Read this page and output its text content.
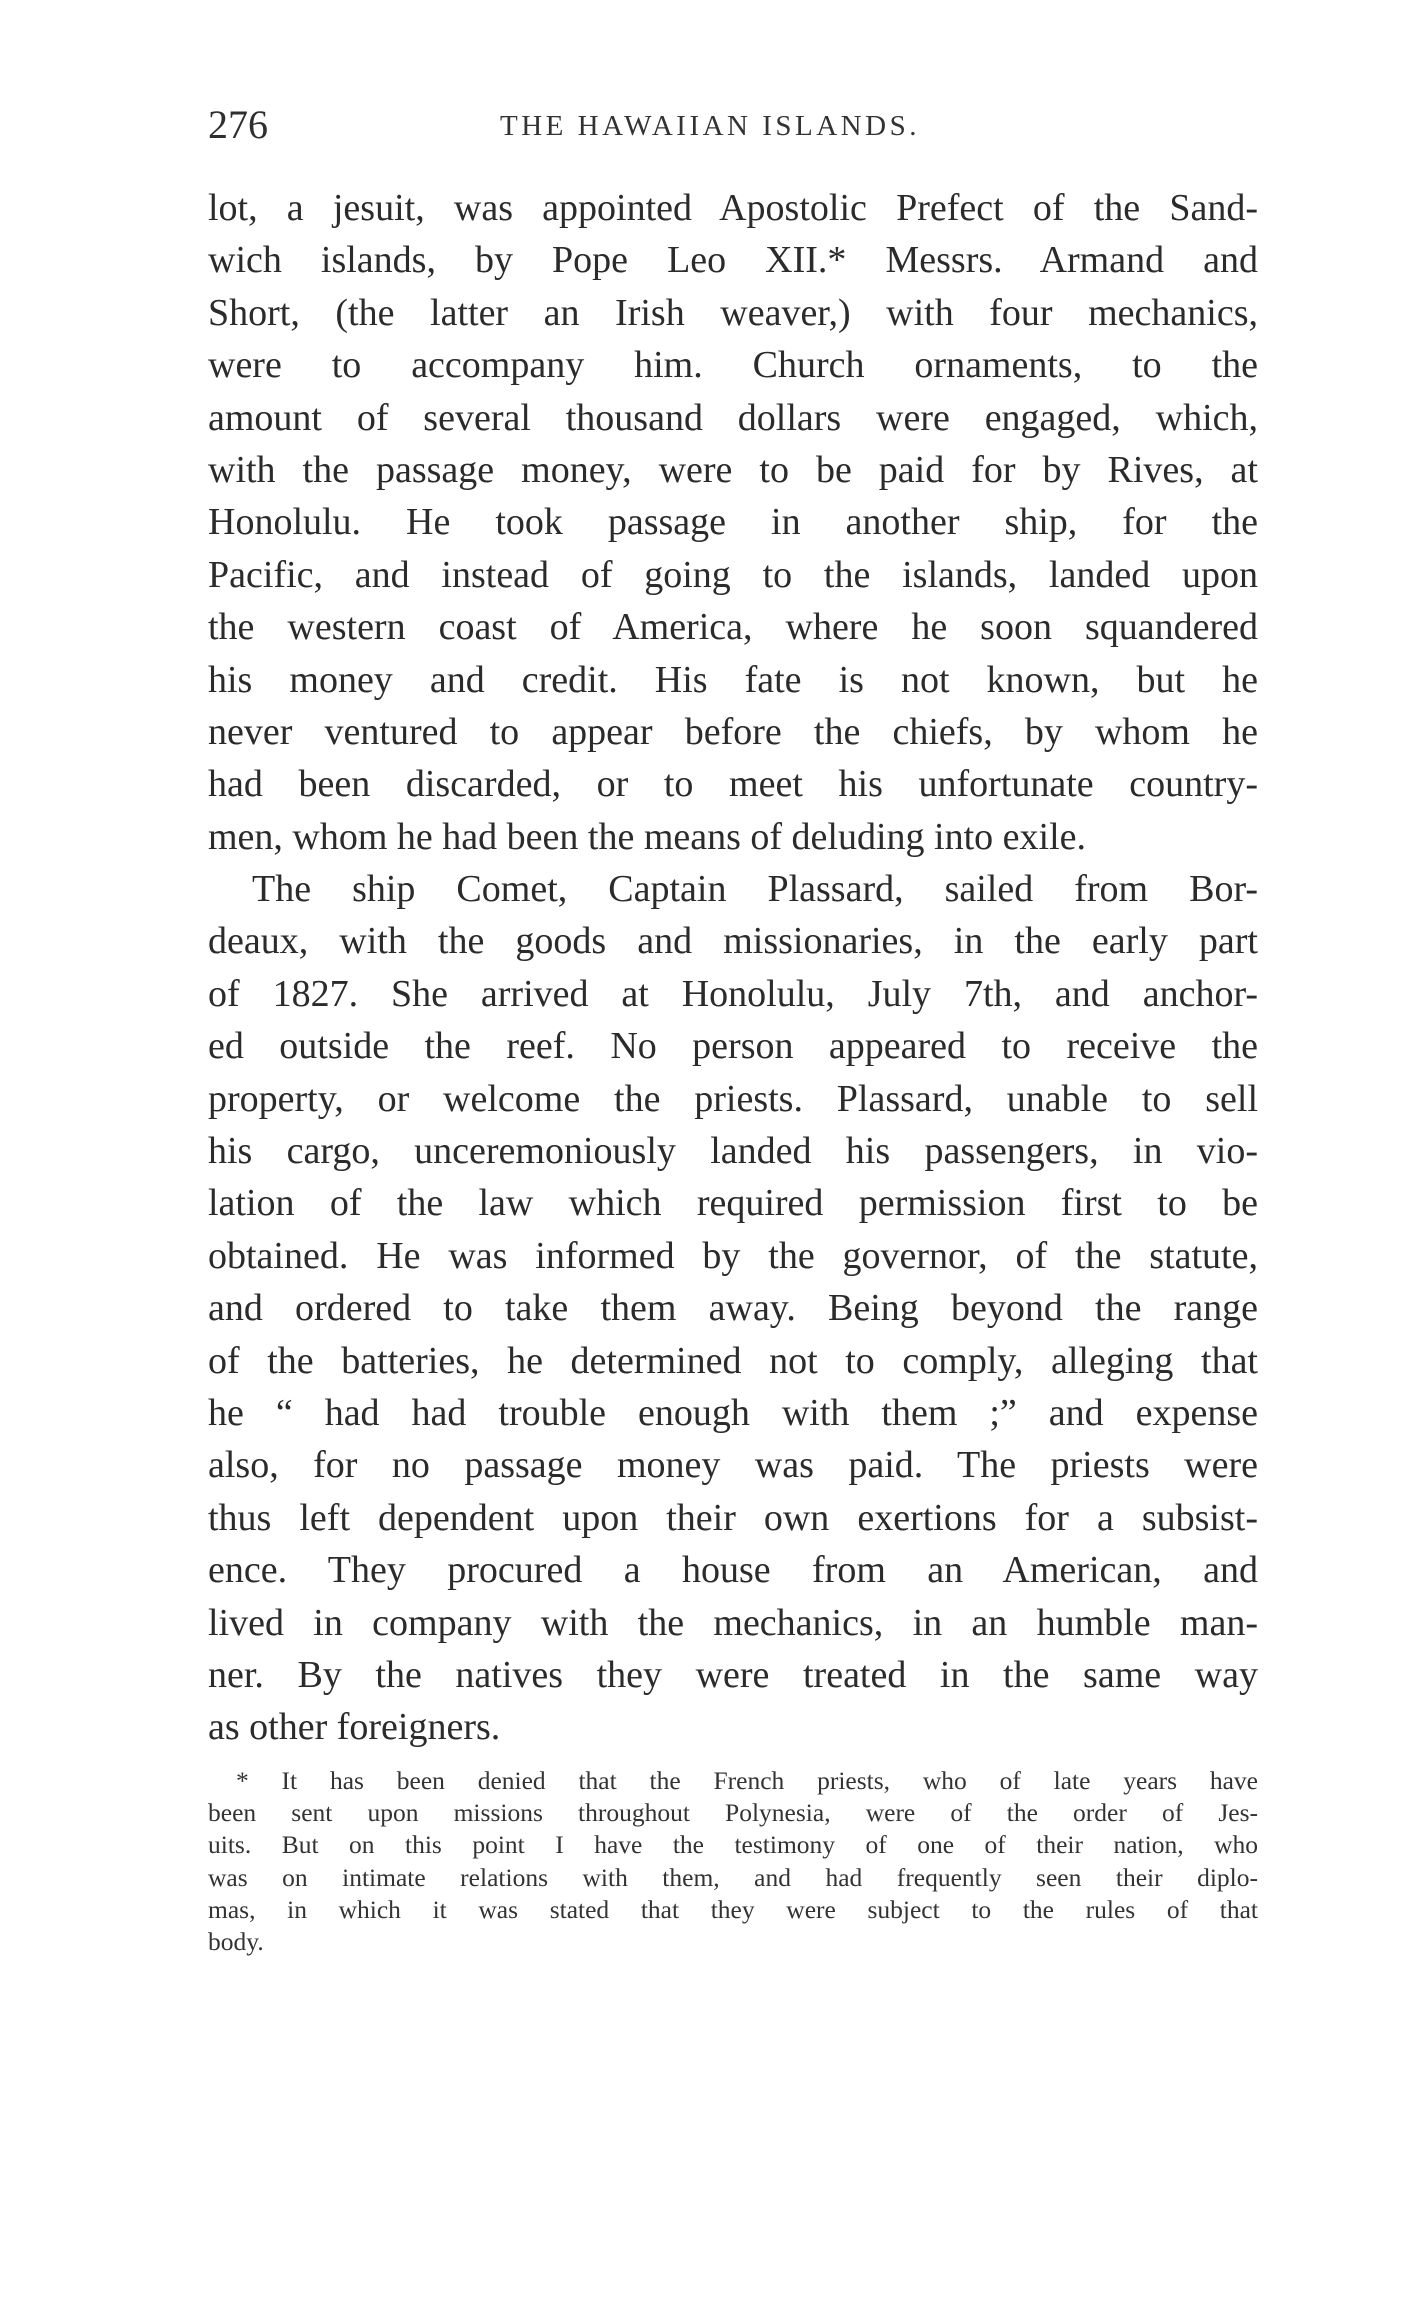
276	THE HAWAIIAN ISLANDS.
lot, a jesuit, was appointed Apostolic Prefect of the Sand-
wich islands, by Pope Leo XII.* Messrs. Armand and
Short, (the latter an Irish weaver,) with four mechanics,
were to accompany him. Church ornaments, to the
amount of several thousand dollars were engaged, which,
with the passage money, were to be paid for by Rives, at
Honolulu. He took passage in another ship, for the
Pacific, and instead of going to the islands, landed upon
the western coast of America, where he soon squandered
his money and credit. His fate is not known, but he
never ventured to appear before the chiefs, by whom he
had been discarded, or to meet his unfortunate country-
men, whom he had been the means of deluding into exile.
The ship Comet, Captain Plassard, sailed from Bor-
deaux, with the goods and missionaries, in the early part
of 1827. She arrived at Honolulu, July 7th, and anchor-
ed outside the reef. No person appeared to receive the
property, or welcome the priests. Plassard, unable to sell
his cargo, unceremoniously landed his passengers, in vio-
lation of the law which required permission first to be
obtained. He was informed by the governor, of the statute,
and ordered to take them away. Being beyond the range
of the batteries, he determined not to comply, alleging that
he “ had had trouble enough with them ;” and expense
also, for no passage money was paid. The priests were
thus left dependent upon their own exertions for a subsist-
ence. They procured a house from an American, and
lived in company with the mechanics, in an humble man-
ner. By the natives they were treated in the same way
as other foreigners.
* It has been denied that the French priests, who of late years have
been sent upon missions throughout Polynesia, were of the order of Jes-
uits. But on this point I have the testimony of one of their nation, who
was on intimate relations with them, and had frequently seen their diplo-
mas, in which it was stated that they were subject to the rules of that
body.
